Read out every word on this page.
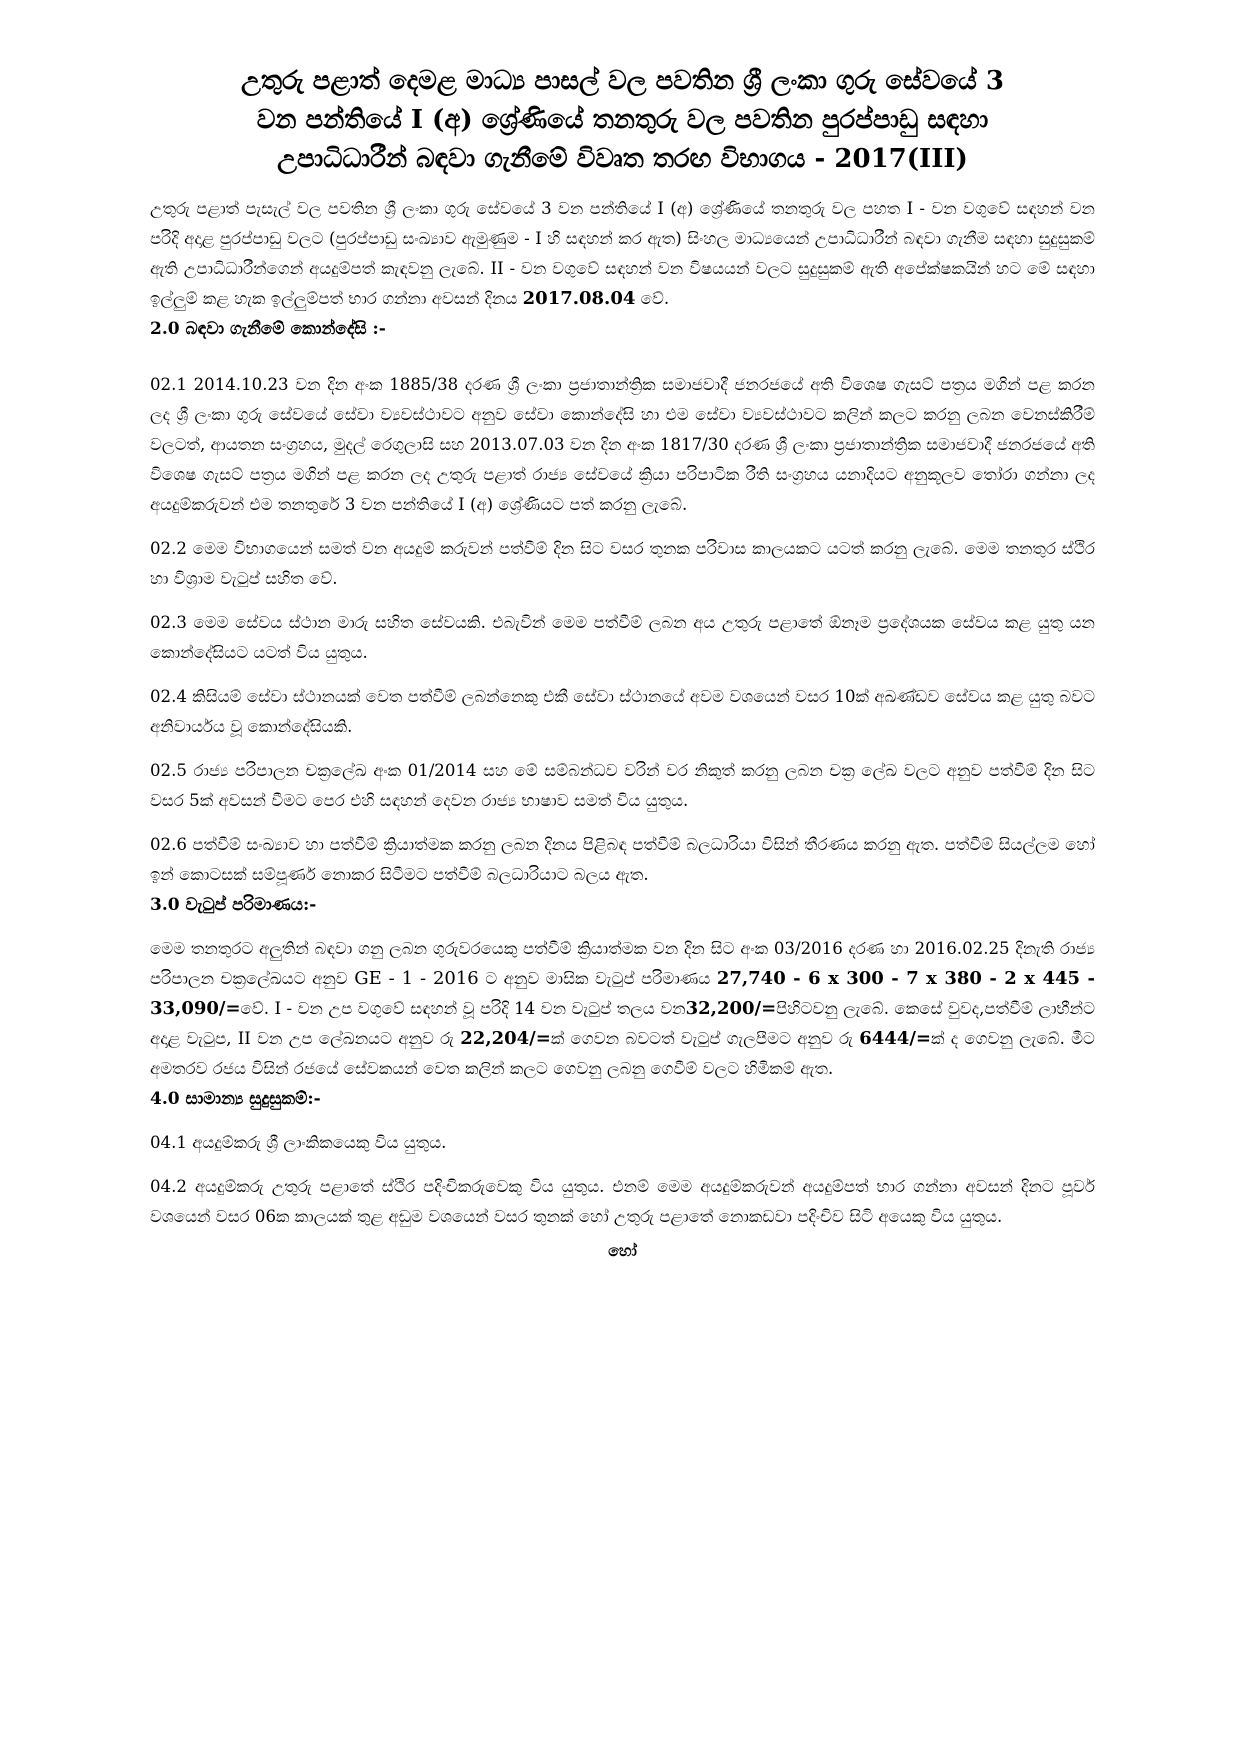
උතුරු පළාත් දෙමළ මාධ්‍ය පාසල් වල පවතින ශ්‍රී ලංකා ගුරු සේවයේ 3
වන පන්තියේ I (අ) ශ්‍රේණියේ තනතුරු වල පවතින පුරප්පාඩු සඳහා
උපාධිධාරීන් බඳවා ගැනීමේ විවෘත තරඟ විභාගය - 2017(III)

උතුරු පළාත් පැසැල් වල පවතින ශ්‍රී ලංකා ගුරු සේවයේ 3 වන පන්තියේ I (අ) ශ්‍රේණියේ තනතුරු වල පහත I - වන වගුවේ සඳහන් වන පරිදි අදාළ පුරප්පාඩු වලට (පුරප්පාඩු සංඛ්‍යාව ඇමුණුම - I හි සඳහන් කර ඇත) සිංහල මාධ්‍යයෙන් උපාධිධාරීන් බඳවා ගැනීම සඳහා සුදුසුකම් ඇති උපාධිධාරීන්ගෙන් අයදුම්පත් කැඳවනු ලැබේ. II - වන වගුවේ සඳහන් වන විෂයයන් වලට සුදුසුකම් ඇති අපේක්ෂකයින් හට මේ සඳහා ඉල්ලුම් කළ හැක ඉල්ලුම්පත් භාර ගන්නා අවසන් දිනය 2017.08.04 වේ.

2.0 බඳවා ගැනීමේ කොන්දේසි :-

02.1 2014.10.23 වන දින අංක 1885/38 දරණ ශ්‍රී ලංකා ප්‍රජාතාන්ත්‍රික සමාජවාදී ජනරජයේ අති විශෙෂ ගැසට් පත්‍රය මගින් පළ කරන ලද ශ්‍රී ලංකා ගුරු සේවයේ සේවා ව්‍යවස්ථාවට අනුව සේවා කොන්දේසි හා එම සේවා ව්‍යවස්ථාවට කලින් කලට කරනු ලබන වෙනස්කිරීම් වලටත්, ආයතන සංග්‍රහය, මුදල් රෙගුලාසි සහ 2013.07.03 වන දින අංක 1817/30 දරණ ශ්‍රී ලංකා ප්‍රජාතාන්ත්‍රික සමාජවාදී ජනරජයේ අති විශෙෂ ගැසට් පත්‍රය මගින් පළ කරන ලද උතුරු පළාත් රාජ්‍ය සේවයේ ක්‍රියා පරිපාටික රීති සංග්‍රහය යනාදියට අනුකූලව තෝරා ගන්නා ලද අයදුම්කරුවන් එම තනතුරේ 3 වන පන්තියේ I (අ) ශ්‍රේණියට පත් කරනු ලැබේ.

02.2 මෙම විභාගයෙන් සමත් වන අයදුම් කරුවන් පත්වීම් දින සිට වසර තුනක පරිවාස කාලයකට යටත් කරනු ලැබේ. මෙම තනතුර ස්ථිර හා විශ්‍රාම වැටුප් සහිත වේ.

02.3 මෙම සේවය ස්ථාන මාරු සහිත සේවයකි. එබැවින් මෙම පත්වීම් ලබන අය උතුරු පළාතේ ඕනෑම ප්‍රදේශයක සේවය කළ යුතු යන කොන්දේසියට යටත් විය යුතුය.

02.4 කිසියම් සේවා ස්ථානයක් වෙත පත්වීම් ලබන්නෙකු එකී සේවා ස්ථානයේ අවම වශයෙන් වසර 10ක් අඛණ්ඩව සේවය කළ යුතු බවට අනිවාර්යය වූ කොන්දේසියකි.

02.5 රාජ්‍ය පරිපාලන චක්‍රලේඛ අංක 01/2014 සහ මේ සම්බන්ධව වරින් වර නිකුත් කරනු ලබන චක්‍ර ලේඛ වලට අනුව පත්වීම් දින සිට වසර 5ක් අවසන් වීමට පෙර එහි සඳහන් දෙවන රාජ්‍ය භාෂාව සමත් විය යුතුය.

02.6 පත්වීම් සංඛ්‍යාව හා පත්වීම් ක්‍රියාත්මක කරනු ලබන දිනය පිළිබඳ පත්වීම් බලධාරියා විසින් තීරණය කරනු ඇත. පත්වීම් සියල්ලම හෝ ඉන් කොටසක් සම්පූර්ණ නොකර සිටීමට පත්වීම් බලධාරියාට බලය ඇත.

3.0 වැටුප් පරිමාණය:-

මෙම තනතුරට අලුතින් බඳවා ගනු ලබන ගුරුවරයෙකු පත්වීම් ක්‍රියාත්මක වන දින සිට අංක 03/2016 දරණ හා 2016.02.25 දිනැති රාජ්‍ය පරිපාලන චක්‍රලේඛයට අනුව GE - 1 - 2016 ට අනුව මාසික වැටුප් පරිමාණය 27,740 - 6 x 300 - 7 x 380 - 2 x 445 - 33,090/=වේ. I - වන උප වගුවේ සඳහන් වූ පරිදි 14 වන වැටුප් තලය වන32,200/=පිහිටවනු ලැබේ. කෙසේ වුවද,පත්වීම් ලාභීන්ට අදාළ වැටුප, II වන උප ලේඛනයට අනුව රු 22,204/=ක් ගෙවන බවටත් වැටුප් ගැලපීමට අනුව රු 6444/=ක් ද ගෙවනු ලැබේ. මීට අමතරව රජය විසින් රජයේ සේවකයන් වෙත කලින් කලට ගෙවනු ලබනු ගෙවීම් වලට හිමිකම් ඇත.

4.0 සාමාන්‍ය සුදුසුකම්:-

04.1 අයදුම්කරු ශ්‍රී ලාංකිකයෙකු විය යුතුය.

04.2 අයදුම්කරු උතුරු පළාතේ ස්ථිර පදිංචිකරුවෙකු විය යුතුය. එනම් මෙම අයදුම්කරුවන් අයදුම්පත් භාර ගන්නා අවසන් දිනට පූර්ව වශයෙන් වසර 06ක කාලයක් තුළ අඩුම වශයෙන් වසර තුනක් හෝ උතුරු පළාතේ නොකඩවා පදිංචිව සිටි අයෙකු විය යුතුය.

හෝ
